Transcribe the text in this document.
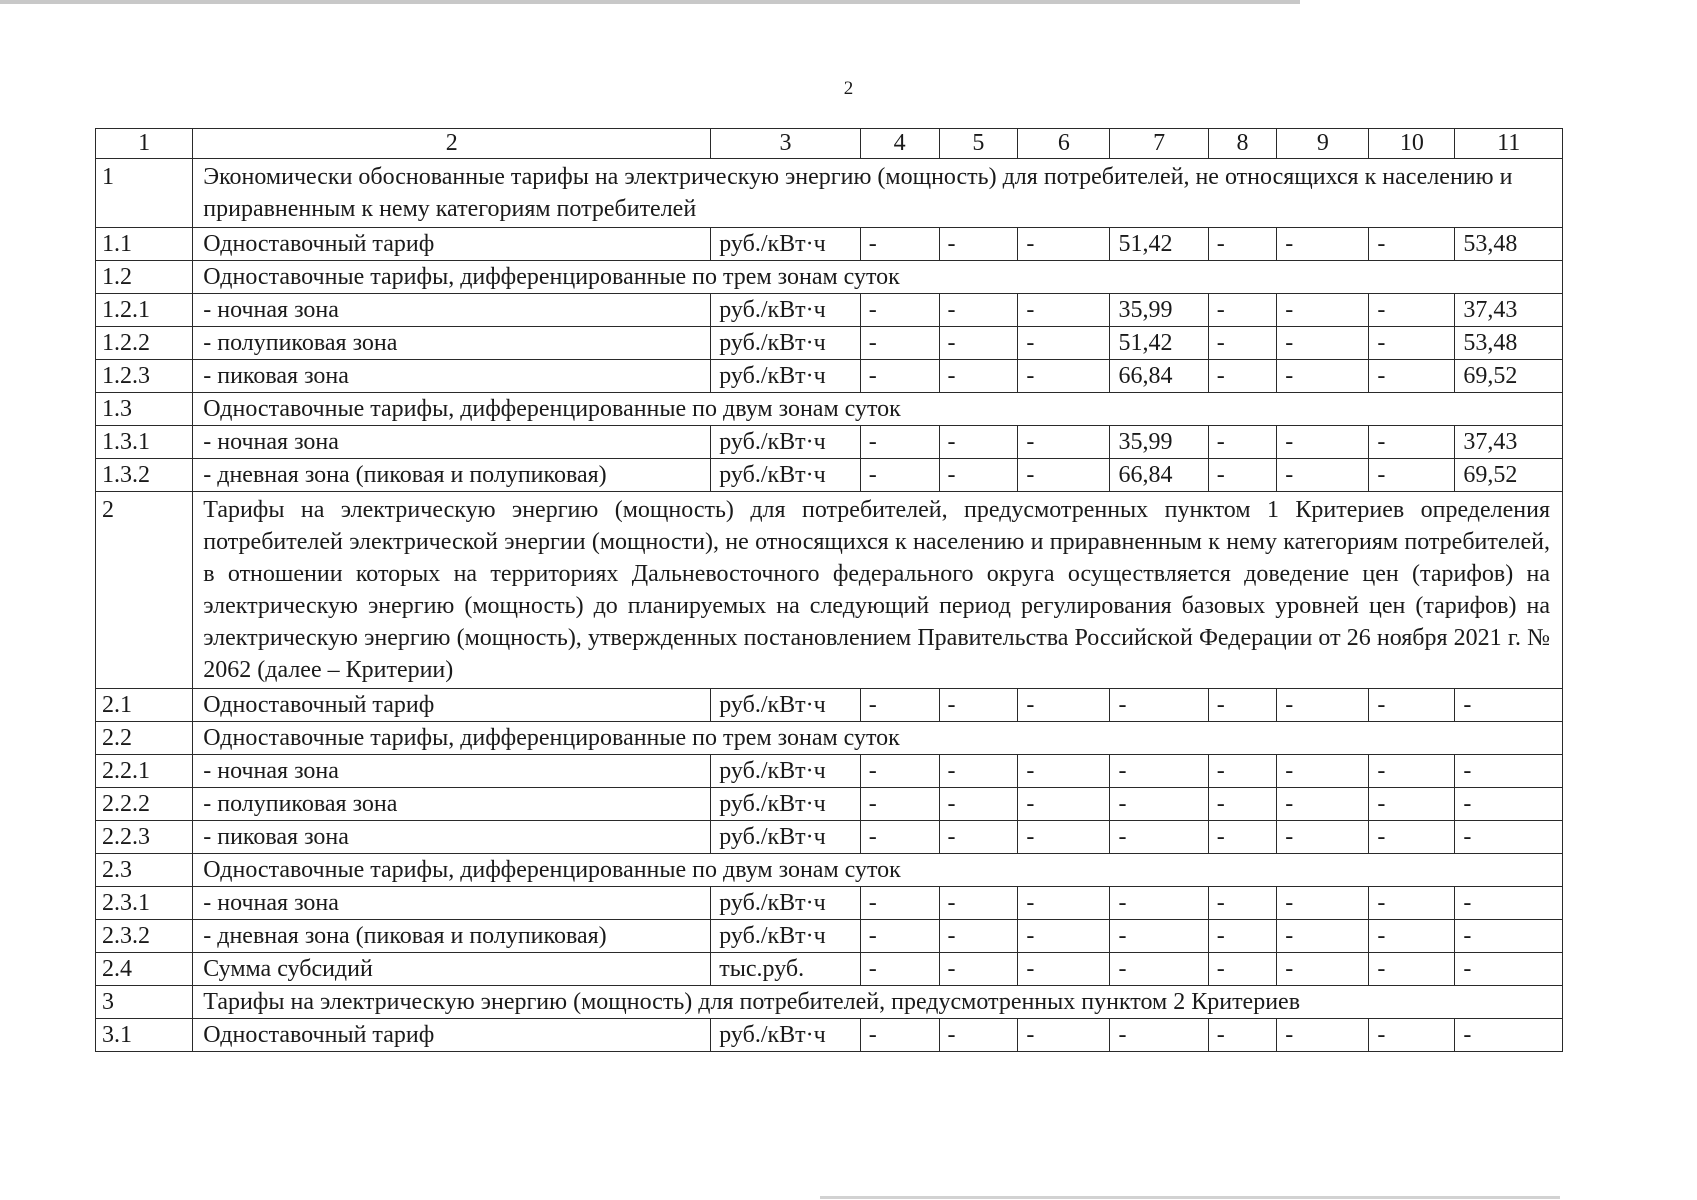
2
1	2	3	4	5	6	7	8	9	10	11
1	Экономически обоснованные тарифы на электрическую энергию (мощность) для потребителей, не относящихся к населению и приравненным к нему категориям потребителей									
1.1	Одноставочный тариф	руб./кВт·ч	-	-	-	51,42	-	-	-	53,48
1.2	Одноставочные тарифы, дифференцированные по трем зонам суток									
1.2.1	- ночная зона	руб./кВт·ч	-	-	-	35,99	-	-	-	37,43
1.2.2	- полупиковая зона	руб./кВт·ч	-	-	-	51,42	-	-	-	53,48
1.2.3	- пиковая зона	руб./кВт·ч	-	-	-	66,84	-	-	-	69,52
1.3	Одноставочные тарифы, дифференцированные по двум зонам суток									
1.3.1	- ночная зона	руб./кВт·ч	-	-	-	35,99	-	-	-	37,43
1.3.2	- дневная зона (пиковая и полупиковая)	руб./кВт·ч	-	-	-	66,84	-	-	-	69,52
2	Тарифы на электрическую энергию (мощность) для потребителей, предусмотренных пунктом 1 Критериев определения потребителей электрической энергии (мощности), не относящихся к населению и приравненным к нему категориям потребителей, в отношении которых на территориях Дальневосточного федерального округа осуществляется доведение цен (тарифов) на электрическую энергию (мощность) до планируемых на следующий период регулирования базовых уровней цен (тарифов) на электрическую энергию (мощность), утвержденных постановлением Правительства Российской Федерации от 26 ноября 2021 г. № 2062 (далее – Критерии)									
2.1	Одноставочный тариф	руб./кВт·ч	-	-	-	-	-	-	-	-
2.2	Одноставочные тарифы, дифференцированные по трем зонам суток									
2.2.1	- ночная зона	руб./кВт·ч	-	-	-	-	-	-	-	-
2.2.2	- полупиковая зона	руб./кВт·ч	-	-	-	-	-	-	-	-
2.2.3	- пиковая зона	руб./кВт·ч	-	-	-	-	-	-	-	-
2.3	Одноставочные тарифы, дифференцированные по двум зонам суток									
2.3.1	- ночная зона	руб./кВт·ч	-	-	-	-	-	-	-	-
2.3.2	- дневная зона (пиковая и полупиковая)	руб./кВт·ч	-	-	-	-	-	-	-	-
2.4	Сумма субсидий	тыс.руб.	-	-	-	-	-	-	-	-
3	Тарифы на электрическую энергию (мощность) для потребителей, предусмотренных пунктом 2 Критериев									
3.1	Одноставочный тариф	руб./кВт·ч	-	-	-	-	-	-	-	-
